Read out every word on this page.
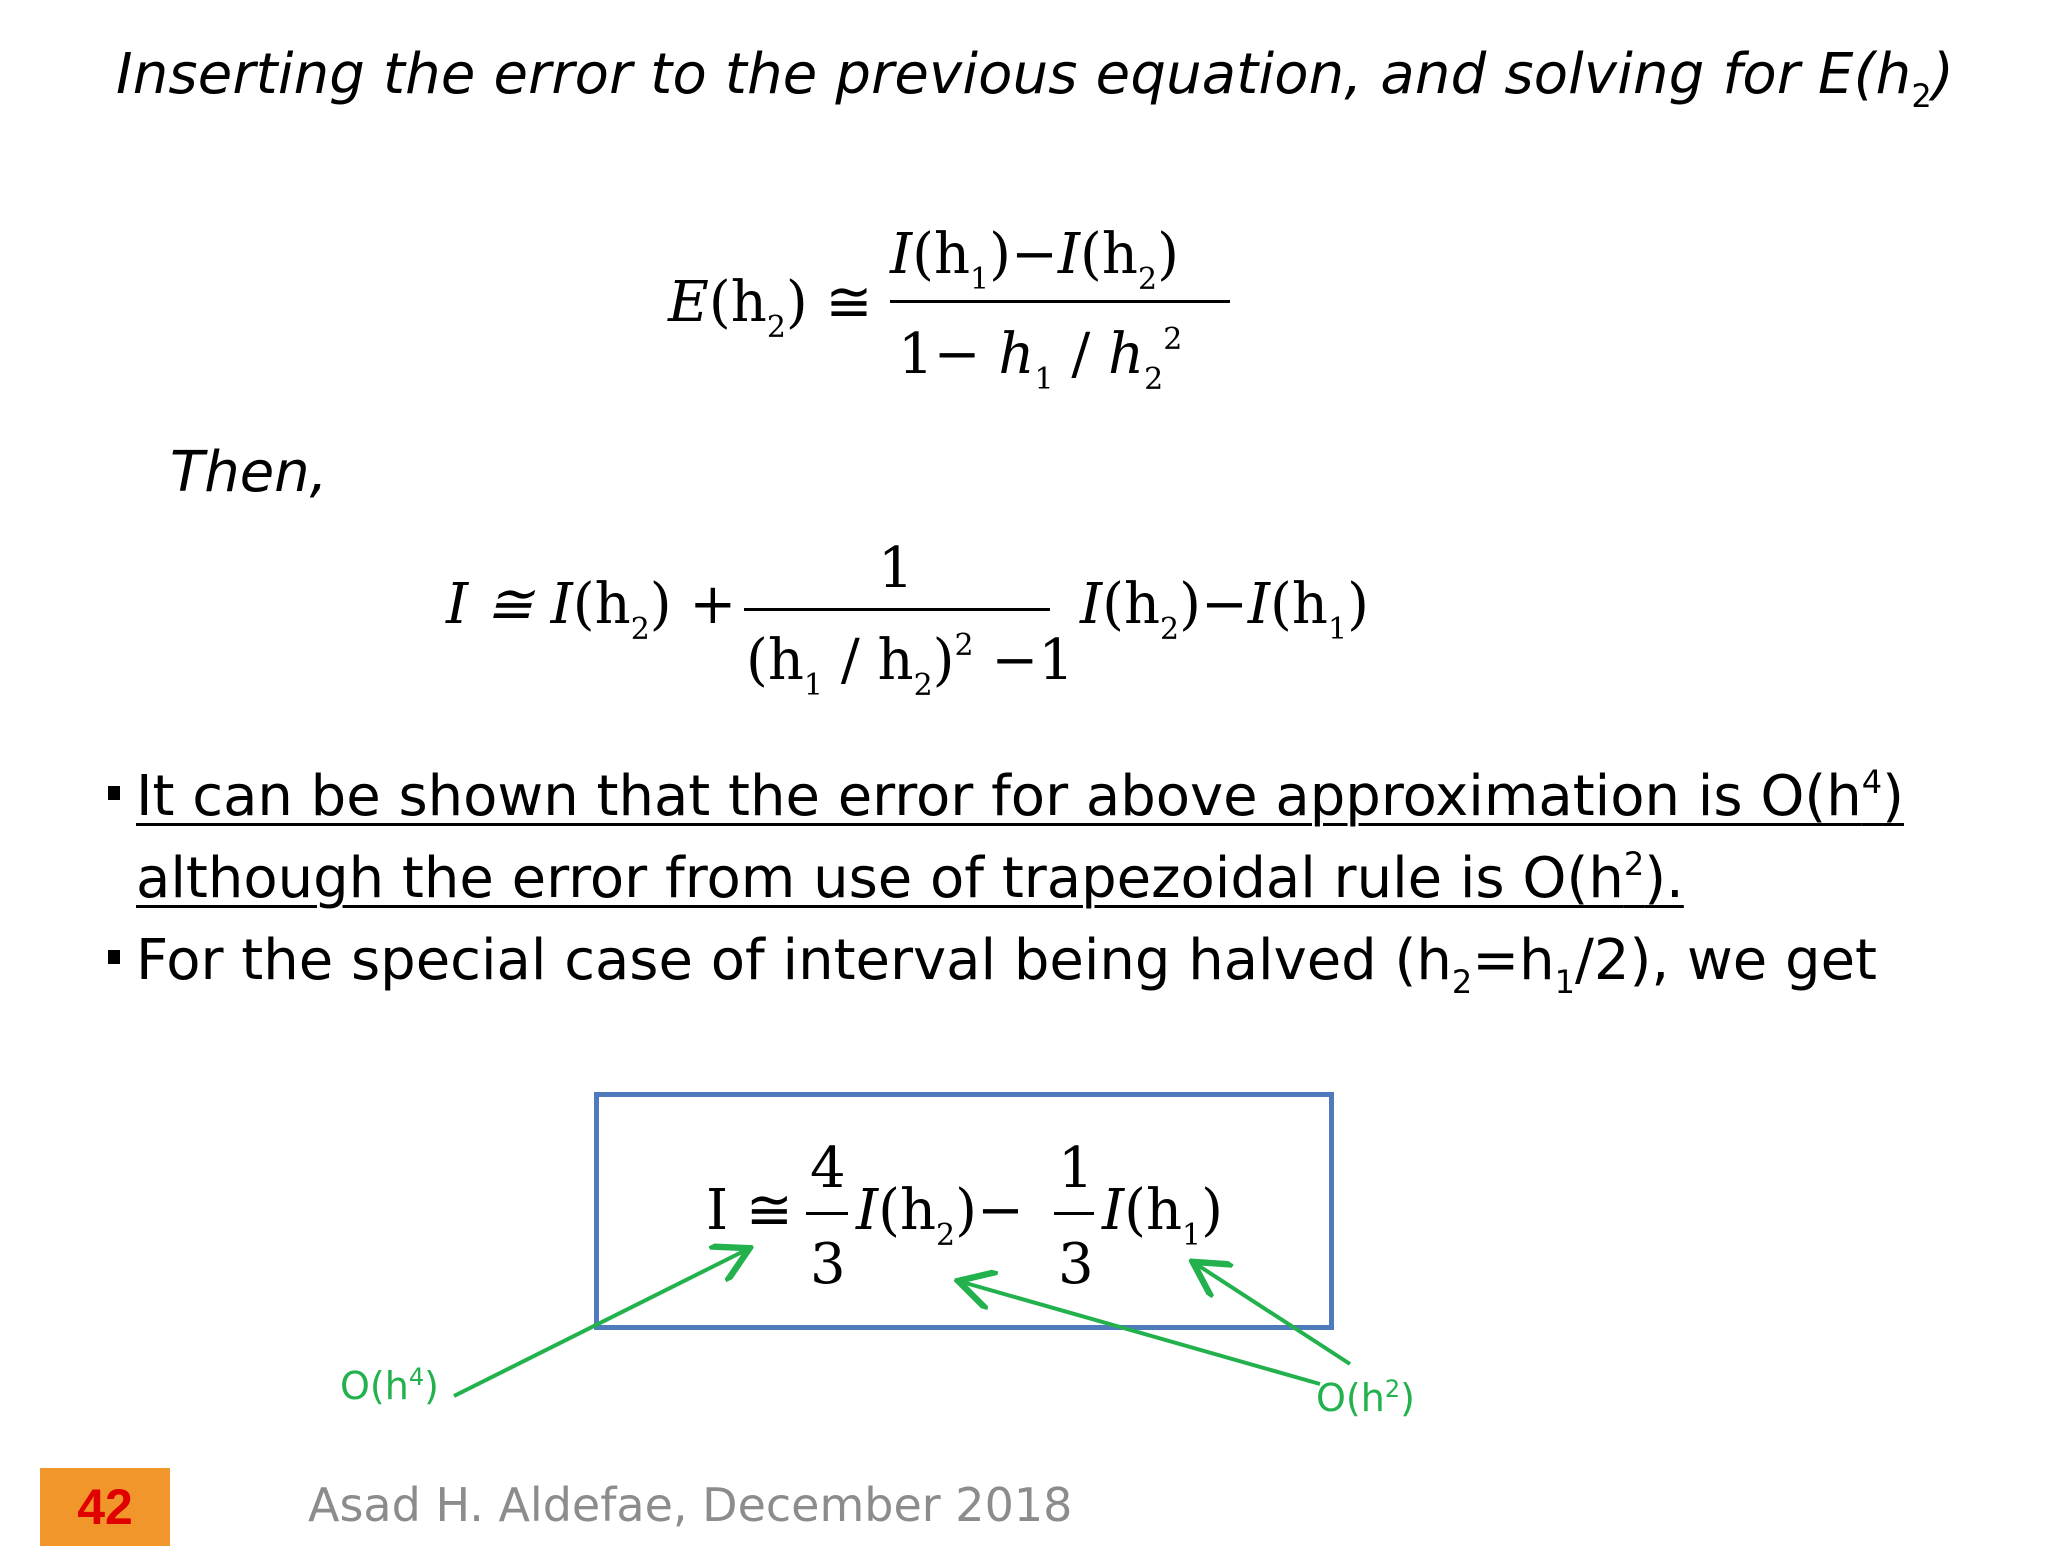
Inserting the error to the previous equation, and solving for $E(h_2)$
$E(h_2)$ ≅
$I(h_1)-I(h_2)$
$1- h_1 / h_2^2$
Then,
I ≅ $I(h_2)$ +
1
$(h_1 / h_2)^2 -1$
$I(h_2)-I(h_1)$
It can be shown that the error for above approximation is $O(h^4)$
although the error from use of trapezoidal rule is $O(h^2)$.
For the special case of interval being halved $(h_2=h_1/2)$, we get
I ≅
4
3
$I(h_2)-$
1
3
$I(h_1)$
$O(h^4)$	$O(h^2)$
42	Asad H. Aldefae, December 2018
